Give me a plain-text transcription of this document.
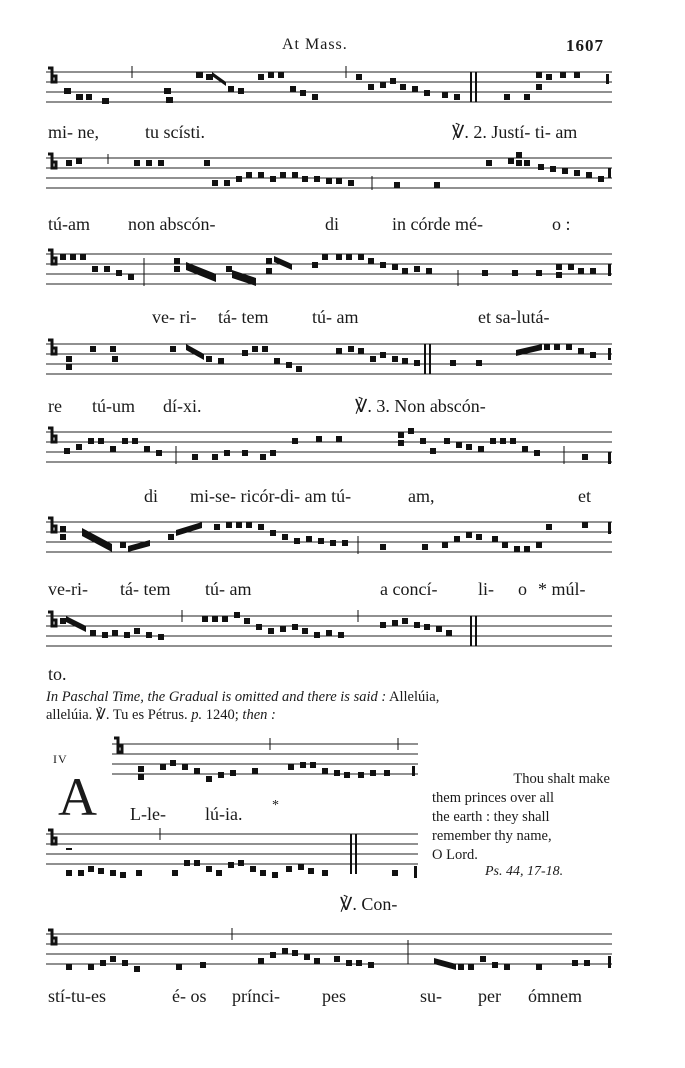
At Mass.	1607
mi- ne,	tu scísti.	℣. 2. Justí- ti- am
tú-am non abscón-	di	in córde mé-	o :
ve- ri- tá- tem tú- am	et sa-lutá-
re tú-um dí-xi.	℣. 3. Non abscón-
di mi-se- ricór-di- am tú-	am,	et
ve-ri- tá- tem tú- am	a concí- li- o * múl-
to.
In Paschal Time, the Gradual is omitted and there is said : Allelúia,
allelúia. ℣. Tu es Pétrus. p. 1240; then :
IV
A L-le- lú-ia. *
℣. Con-
Thou shalt make
them princes over all
the earth : they shall
remember thy name,
O Lord.
Ps. 44, 17-18.
stí-tu-es	é- os prínci- pes	su- per ómnem
